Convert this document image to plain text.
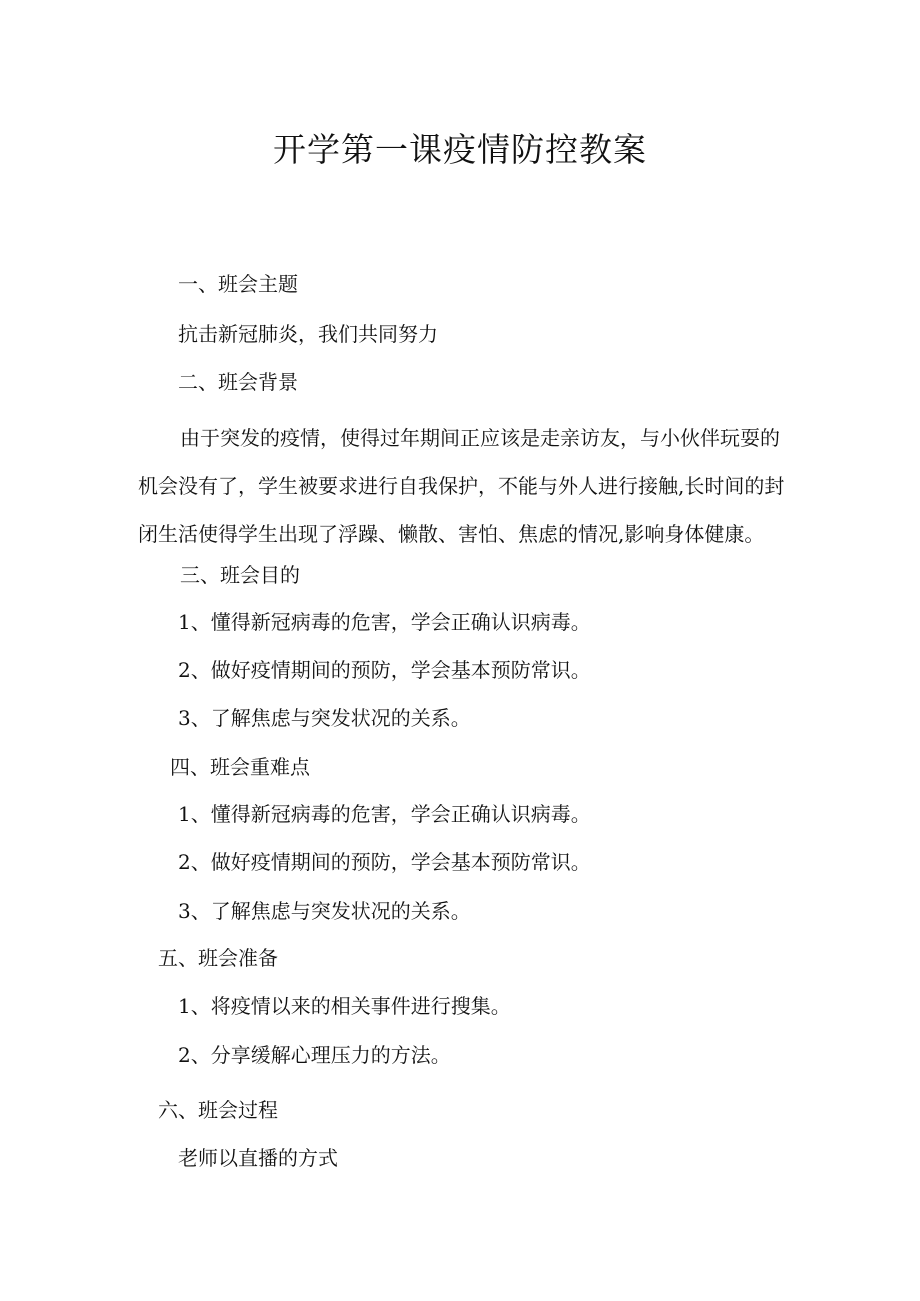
开学第一课疫情防控教案
一、班会主题
抗击新冠肺炎，我们共同努力
二、班会背景
由于突发的疫情，使得过年期间正应该是走亲访友，与小伙伴玩耍的
机会没有了，学生被要求进行自我保护，不能与外人进行接触,长时间的封
闭生活使得学生出现了浮躁、懒散、害怕、焦虑的情况,影响身体健康。
三、班会目的
1、懂得新冠病毒的危害，学会正确认识病毒。
2、做好疫情期间的预防，学会基本预防常识。
3、了解焦虑与突发状况的关系。
四、班会重难点
1、懂得新冠病毒的危害，学会正确认识病毒。
2、做好疫情期间的预防，学会基本预防常识。
3、了解焦虑与突发状况的关系。
五、班会准备
1、将疫情以来的相关事件进行搜集。
2、分享缓解心理压力的方法。
六、班会过程
老师以直播的方式
